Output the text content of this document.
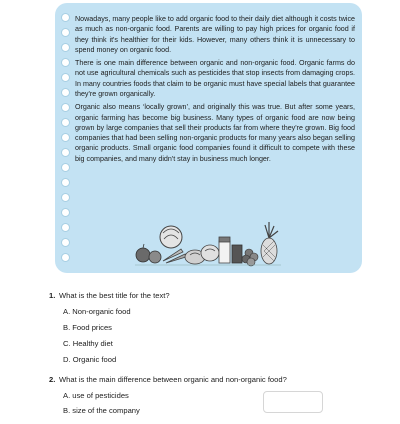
Nowadays, many people like to add organic food to their daily diet although it costs twice as much as non-organic food. Parents are willing to pay high prices for organic food if they think it's healthier for their kids. However, many others think it is unnecessary to spend money on organic food.

There is one main difference between organic and non-organic food. Organic farms do not use agricultural chemicals such as pesticides that stop insects from damaging crops. In many countries foods that claim to be organic must have special labels that guarantee they're grown organically.

Organic also means ‘locally grown’, and originally this was true. But after some years, organic farming has become big business. Many types of organic food are now being grown by large companies that sell their products far from where they're grown. Big food companies that had been selling non-organic products for many years also began selling organic products. Small organic food companies found it difficult to compete with these big companies, and many didn't stay in business much longer.

1. What is the best title for the text?
A. Non-organic food
B. Food prices
C. Healthy diet
D. Organic food
2. What is the main difference between organic and non-organic food?
A. use of pesticides
B. size of the company
